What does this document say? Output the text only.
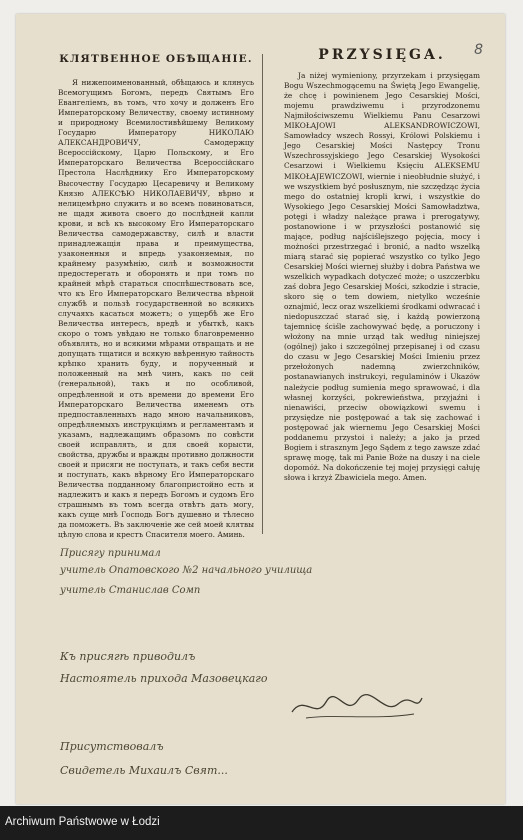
8
КЛЯТВЕННОЕ ОБѢЩАНІЕ.
Я нижепоименованный, обѣщаюсь и клянусь Всемогущимъ Богомъ, передъ Святымъ Его Евангеліемъ, въ томъ, что хочу и долженъ Его Императорскому Величеству, своему истинному и природному Всемилостивѣйшему Великому Государю Императору НИКОЛАЮ АЛЕКСАНДРОВИЧУ, Самодержцу Всероссійскому, Царю Польскому, и Его Императорскаго Величества Всероссійскаго Престола Наслѣднику Его Императорскому Высочеству Государю Цесаревичу и Великому Князю АЛЕКСѢЮ НИКОЛАЕВИЧУ, вѣрно и нелицемѣрно служить и во всемъ повиноваться, не щадя живота своего до послѣдней капли крови, и всѣ къ высокому Его Императорскаго Величества самодержавству, силѣ и власти принадлежащія права и преимущества, узаконенныя и впредь узаконяемыя, по крайнему разумѣнію, силѣ и возможности предостерегать и оборонять и при томъ по крайней мѣрѣ стараться споспѣшествовать все, что къ Его Императорскаго Величества вѣрной службѣ и пользѣ государственной во всякихъ случаяхъ касаться можетъ; о ущербѣ же Его Величества интересъ, вредѣ и убыткѣ, какъ скоро о томъ увѣдаю не только благовременно объявлять, но и всякими мѣрами отвращать и не допущать тщатися и всякую ввѣренную тайность крѣпко хранить буду, и порученный и положенный на мнѣ чинъ, какъ по сей (генеральной), такъ и по особливой, опредѣленной и отъ времени до времени Его Императорскаго Величества именемъ отъ предпоставленныхъ надо мною начальниковъ, опредѣляемыхъ инструкціямъ и регламентамъ и указамъ, надлежащимъ образомъ по совѣсти своей исправлять, и для своей корысти, свойства, дружбы и вражды противно должности своей и присяги не поступать, и такъ себя вести и поступать, какъ вѣрному Его Императорскаго Величества подданному благопристойно есть и надлежитъ и какъ я передъ Богомъ и судомъ Его страшнымъ въ томъ всегда отвѣтъ дать могу, какъ суще мнѣ Господь Богъ душевно и тѣлесно да поможетъ. Въ заключеніе же сей моей клятвы цѣлую слова и крестъ Спасителя моего. Аминь.
PRZYSIĘGA.
Ja niżej wymieniony, przyrzekam i przysięgam Bogu Wszechmogącemu na Świętą Jego Ewangelię, że chcę i powinienem Jego Cesarskiej Mości, mojemu prawdziwemu i przyrodzonemu Najmiłościwszemu Wielkiemu Panu Cesarzowi MIKOŁAJOWI ALEKSANDROWICZOWI, Samowładcy wszech Rossyi, Królowi Polskiemu i Jego Cesarskiej Mości Następcy Tronu Wszechrossyjskiego Jego Cesarskiej Wysokości Cesarzowi i Wielkiemu Księciu ALEKSEMU MIKOŁAJEWICZOWI, wiernie i nieobłudnie służyć, i we wszystkiem być posłusznym, nie szczędząc życia mego do ostatniej kropli krwi, i wszystkie do Wysokiego Jego Cesarskiej Mości Samowładztwa, potęgi i władzy należące prawa i prerogatywy, postanowione i w przyszłości postanowić się mające, podług najściślejszego pojęcia, mocy i możności przestrzegać i bronić, a nadto wszelką miarą starać się popierać wszystko co tylko Jego Cesarskiej Mości wiernej służby i dobra Państwa we wszelkich wypadkach dotyczeć może; o uszczerbku zaś dobra Jego Cesarskiej Mości, szkodzie i stracie, skoro się o tem dowiem, nietylko wcześnie oznajmić, lecz oraz wszelkiemi środkami odwracać i niedopuszczać starać się, i każdą powierzoną tajemnicę ściśle zachowywać będę, a poruczony i włożony na mnie urząd tak według niniejszej (ogólnej) jako i szczególnej przepisanej i od czasu do czasu w Jego Cesarskiej Mości Imieniu przez przełożonych nademną zwierzchników, postanawianych instrukcyi, regulaminów i Ukazów należycie podług sumienia mego sprawować, i dla własnej korzyści, pokrewieństwa, przyjaźni i nienawiści, przeciw obowiązkowi swemu i przysiędze nie postępować a tak się zachować i postępować jak wiernemu Jego Cesarskiej Mości poddanemu przystoi i należy; a jako ja przed Bogiem i strasznym Jego Sądem z tego zawsze zdać sprawę mogę, tak mi Panie Boże na duszy i na ciele dopomóż. Na dokończenie tej mojej przysięgi całuję słowa i krzyż Zbawiciela mego. Amen.
Присягу принимал
учитель Опатовского №2 начального училища
учитель Станислав Сомп
Къ присягѣ приводилъ
Настоятель прихода Мазовецкаго
Присутствовалъ
Свидетель Михаилъ Свят...
Archiwum Państwowe w Łodzi
